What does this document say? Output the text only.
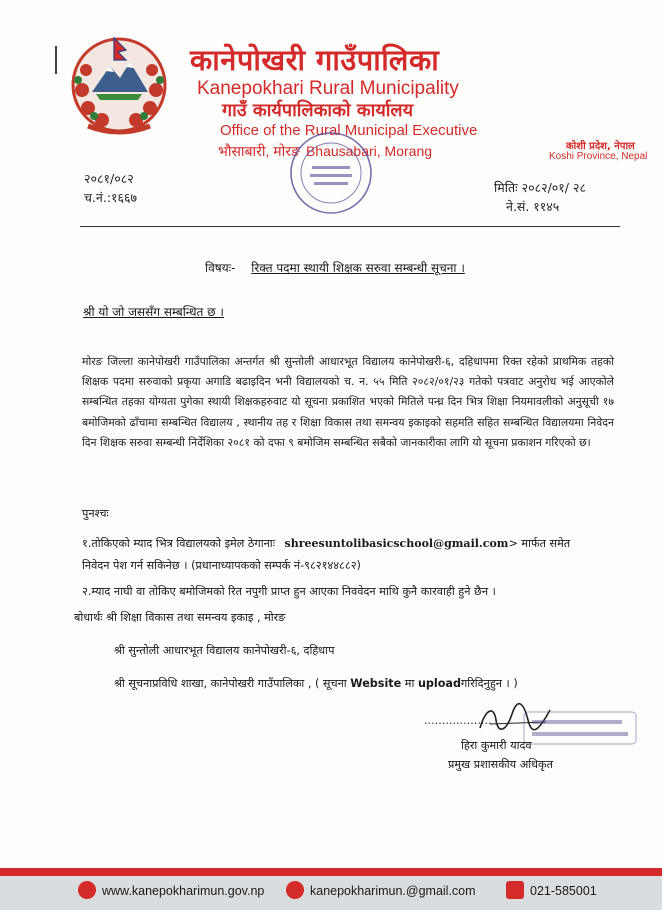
कानेपोखरी गाउँपालिका
Kanepokhari Rural Municipality
गाउँ कार्यपालिकाको कार्यालय
Office of the Rural Municipal Executive
भौसाबारी, मोरङ Bhausabari, Morang	कोशी प्रदेश, नेपाल
Koshi Province, Nepal
२०८१/०८२
च.नं.:१६६७
मितिः २०८२/०१/ २८
ने.सं. ११४५
विषयः- रिक्त पदमा स्थायी शिक्षक सरुवा सम्बन्धी सूचना ।
श्री यो जो जससँग सम्बन्धित छ ।
मोरङ जिल्ला कानेपोखरी गाउँपालिका अन्तर्गत श्री सुन्तोली आधारभूत विद्यालय कानेपोखरी-६, दहिधापमा रिक्त रहेको प्राथमिक तहको शिक्षक पदमा सरुवाको प्रकृया अगाडि बढाइदिन भनी विद्यालयको च. न. ५५ मिति २०८२/०१/२३ गतेको पत्रवाट अनुरोध भई आएकोले सम्बन्धित तहका योग्यता पुगेका स्थायी शिक्षकहरुवाट यो सूचना प्रकाशित भएको मितिले पन्ध्र दिन भित्र शिक्षा नियमावलीको अनुसूची १७ बमोजिमको ढाँचामा सम्बन्धित विद्यालय , स्थानीय तह र शिक्षा विकास तथा समन्वय इकाइको सहमति सहित सम्बन्धित विद्यालयमा निवेदन दिन शिक्षक सरुवा सम्बन्धी निर्देशिका २०८१ को दफा ९ बमोजिम सम्बन्धित सबैको जानकारीका लागि यो सूचना प्रकाशन गरिएको छ।
पुनश्चः
१.तोकिएको म्याद भित्र विद्यालयको इमेल ठेगानाः shreesuntolibasicschool@gmail.com> मार्फत समेत
निवेदन पेश गर्न सकिनेछ । (प्रधानाध्यापकको सम्पर्क नं-९८२१४४८८२)
२.म्याद नाघी वा तोकिए बमोजिमको रित नपुगी प्राप्त हुन आएका निववेदन माथि कुनै कारवाही हुने छैन ।
बोधार्थः श्री शिक्षा विकास तथा समन्वय इकाइ , मोरङ
श्री सुन्तोली आधारभूत विद्यालय कानेपोखरी-६, दहिधाप
श्री सूचनाप्रविधि शाखा, कानेपोखरी गाउँपालिका , ( सूचना Website मा uploadगरिदिनुहुन । )
...................
हिरा कुमारी यादव
प्रमुख प्रशासकीय अधिकृत
www.kanepokharimun.gov.np	kanepokharimun.@gmail.com	021-585001
